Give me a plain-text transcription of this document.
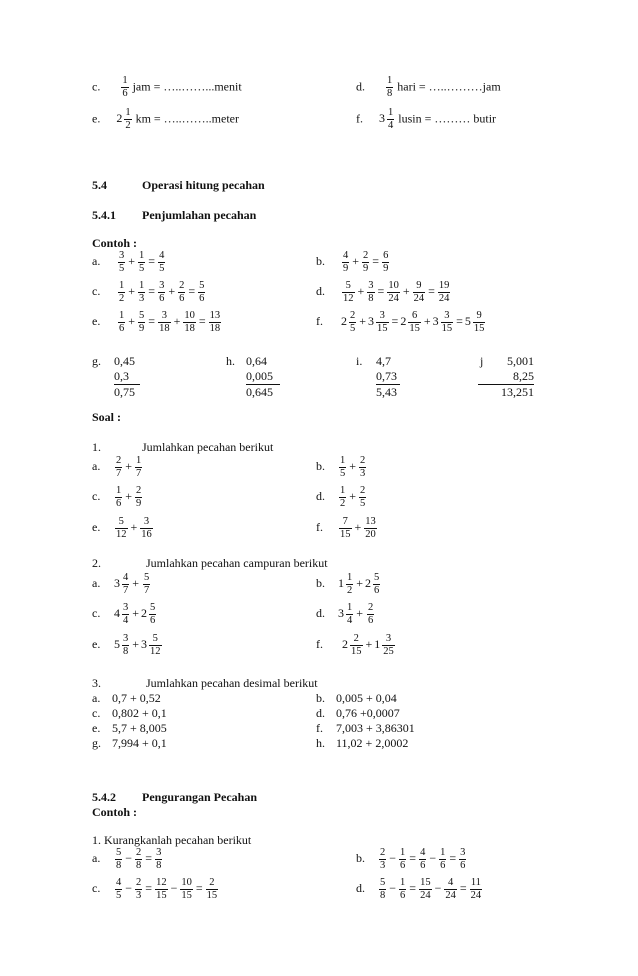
c. $\frac{1}{6}$ jam = …..……...menit	d. $\frac{1}{8}$ hari = …..………jam
e. $2 \frac{1}{2}$ km = …..……..meter	f. $3 \frac{1}{4}$ lusin = ……… butir
5.4	Operasi hitung pecahan
5.4.1 Penjumlahan pecahan
Contoh :
a. $\frac{3}{5} + \frac{1}{5} = \frac{4}{5}$	b. $\frac{4}{9} + \frac{2}{9} = \frac{6}{9}$
c. $\frac{1}{2} + \frac{1}{3} = \frac{3}{6} + \frac{2}{6} = \frac{5}{6}$	d. $\frac{5}{12} + \frac{3}{8} = \frac{10}{24} + \frac{9}{24} = \frac{19}{24}$
e. $\frac{1}{6} + \frac{5}{9} = \frac{3}{18} + \frac{10}{18} = \frac{13}{18}$	f. $2 \frac{2}{5} + 3 \frac{3}{15} = 2 \frac{6}{15} + 3 \frac{3}{15} = 5 \frac{9}{15}$
g. 0,45
0,3
0,75
h. 0,64
0,005
0,645
i. 4,7
0,73
5,43
j	5,001
8,25
13,251
Soal :
1.	Jumlahkan pecahan berikut
a. $\frac{2}{7} + \frac{1}{7}$	b. $\frac{1}{5} + \frac{2}{3}$
c. $\frac{1}{6} + \frac{2}{9}$	d. $\frac{1}{2} + \frac{2}{5}$
e. $\frac{5}{12} + \frac{3}{16}$	f. $\frac{7}{15} + \frac{13}{20}$
2.	Jumlahkan pecahan campuran berikut
a. $3 \frac{4}{7} + \frac{5}{7}$	b. $1 \frac{1}{2} + 2 \frac{5}{6}$
c. $4 \frac{3}{4} + 2 \frac{5}{6}$	d. $3 \frac{1}{4} + \frac{2}{6}$
e. $5 \frac{3}{8} + 3 \frac{5}{12}$	f. $2 \frac{2}{15} + 1 \frac{3}{25}$
3.	Jumlahkan pecahan desimal berikut
a. 0,7 + 0,52	b. 0,005 + 0,04
c. 0,802 + 0,1	d. 0,76 +0,0007
e. 5,7 + 8,005	f. 7,003 + 3,86301
g. 7,994 + 0,1	h. 11,02 + 2,0002
5.4.2 Pengurangan Pecahan
Contoh :
1. Kurangkanlah pecahan berikut
a. $\frac{5}{8} - \frac{2}{8} = \frac{3}{8}$	b. $\frac{2}{3} - \frac{1}{6} = \frac{4}{6} - \frac{1}{6} = \frac{3}{6}$
c. $\frac{4}{5} - \frac{2}{3} = \frac{12}{15} - \frac{10}{15} = \frac{2}{15}$	d. $\frac{5}{8} - \frac{1}{6} = \frac{15}{24} - \frac{4}{24} = \frac{11}{24}$
